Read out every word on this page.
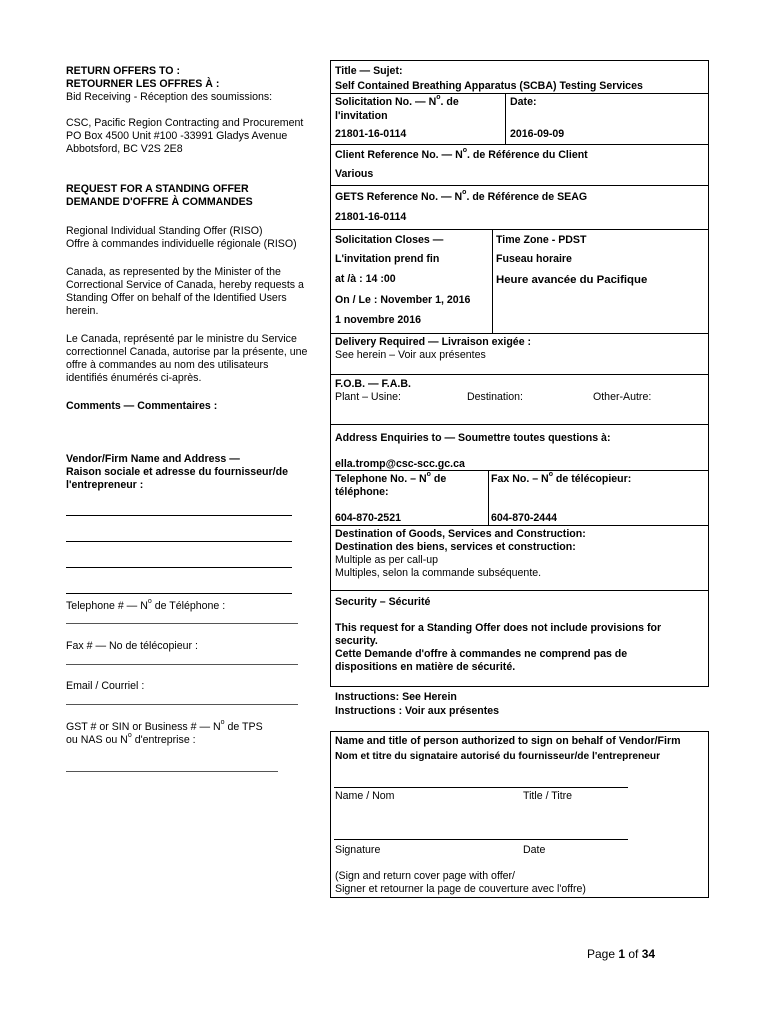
RETURN OFFERS TO :
RETOURNER LES OFFRES À :
Bid Receiving - Réception des soumissions:
CSC, Pacific Region Contracting and Procurement
PO Box 4500 Unit #100 -33991 Gladys Avenue
Abbotsford, BC V2S 2E8
REQUEST FOR A STANDING OFFER
DEMANDE D'OFFRE À COMMANDES
Regional Individual Standing Offer (RISO)
Offre à commandes individuelle régionale (RISO)
Canada, as represented by the Minister of the
Correctional Service of Canada, hereby requests a
Standing Offer on behalf of the Identified Users
herein.
Le Canada, représenté par le ministre du Service
correctionnel Canada, autorise par la présente, une
offre à commandes au nom des utilisateurs
identifiés énumérés ci-après.
Comments — Commentaires :
Vendor/Firm Name and Address —
Raison sociale et adresse du fournisseur/de
l'entrepreneur :
Telephone # — $N^o$ de Téléphone :
Fax # — No de télécopieur :
Email / Courriel :
GST # or SIN or Business # — $N^o$ de TPS
ou NAS ou $N^o$ d'entreprise :
Title — Sujet:
Self Contained Breathing Apparatus (SCBA) Testing Services
Solicitation No. — $N^o$. de
l'invitation
Date:
21801-16-0114	2016-09-09
Client Reference No. — $N^o$. de Référence du Client
Various
GETS Reference No. — $N^o$. de Référence de SEAG
21801-16-0114
Solicitation Closes —
L'invitation prend fin
at /à : 14 :00
On / Le : November 1, 2016
1 novembre 2016
Time Zone - PDST
Fuseau horaire
Heure avancée du Pacifique
Delivery Required — Livraison exigée :
See herein – Voir aux présentes
F.O.B. — F.A.B.
Plant – Usine:	Destination:	Other-Autre:
Address Enquiries to — Soumettre toutes questions à:
ella.tromp@csc-scc.gc.ca
Telephone No. – $N^o$ de
téléphone:
Fax No. – $N^o$ de télécopieur:
604-870-2521	604-870-2444
Destination of Goods, Services and Construction:
Destination des biens, services et construction:
Multiple as per call-up
Multiples, selon la commande subséquente.
Security – Sécurité
This request for a Standing Offer does not include provisions for
security.
Cette Demande d'offre à commandes ne comprend pas de
dispositions en matière de sécurité.
Instructions: See Herein
Instructions : Voir aux présentes
Name and title of person authorized to sign on behalf of Vendor/Firm
Nom et titre du signataire autorisé du fournisseur/de l'entrepreneur
Name / Nom	Title / Titre
Signature	Date
(Sign and return cover page with offer/
Signer et retourner la page de couverture avec l'offre)
Page 1 of 34
